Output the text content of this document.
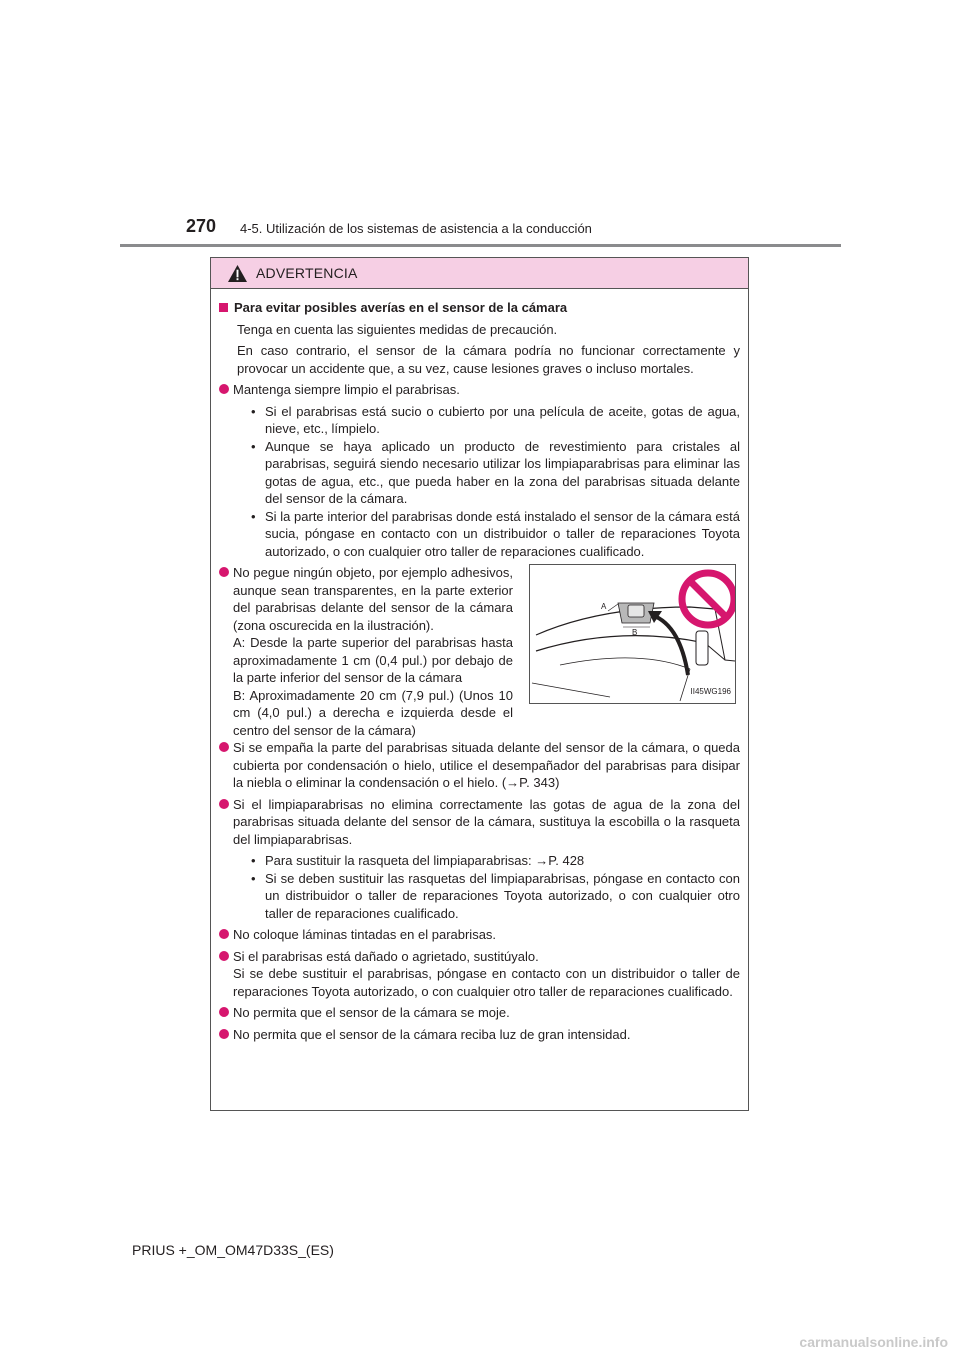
270 4-5. Utilización de los sistemas de asistencia a la conducción
ADVERTENCIA
Para evitar posibles averías en el sensor de la cámara

Tenga en cuenta las siguientes medidas de precaución.

En caso contrario, el sensor de la cámara podría no funcionar correctamente y provocar un accidente que, a su vez, cause lesiones graves o incluso mortales.

Mantenga siempre limpio el parabrisas.
• Si el parabrisas está sucio o cubierto por una película de aceite, gotas de agua, nieve, etc., límpielo.
• Aunque se haya aplicado un producto de revestimiento para cristales al parabrisas, seguirá siendo necesario utilizar los limpiaparabrisas para eliminar las gotas de agua, etc., que pueda haber en la zona del parabrisas situada delante del sensor de la cámara.
• Si la parte interior del parabrisas donde está instalado el sensor de la cámara está sucia, póngase en contacto con un distribuidor o taller de reparaciones Toyota autorizado, o con cualquier otro taller de reparaciones cualificado.
No pegue ningún objeto, por ejemplo adhesivos, aunque sean transparentes, en la parte exterior del parabrisas delante del sensor de la cámara (zona oscurecida en la ilustración).

A: Desde la parte superior del parabrisas hasta aproximadamente 1 cm (0,4 pul.) por debajo de la parte inferior del sensor de la cámara

B: Aproximadamente 20 cm (7,9 pul.) (Unos 10 cm (4,0 pul.) a derecha e izquierda desde el centro del sensor de la cámara)

A
B
II45WG196
Si se empaña la parte del parabrisas situada delante del sensor de la cámara, o queda cubierta por condensación o hielo, utilice el desempañador del parabrisas para disipar la niebla o eliminar la condensación o el hielo. (→P. 343)
Si el limpiaparabrisas no elimina correctamente las gotas de agua de la zona del parabrisas situada delante del sensor de la cámara, sustituya la escobilla o la rasqueta del limpiaparabrisas.
• Para sustituir la rasqueta del limpiaparabrisas: →P. 428
• Si se deben sustituir las rasquetas del limpiaparabrisas, póngase en contacto con un distribuidor o taller de reparaciones Toyota autorizado, o con cualquier otro taller de reparaciones cualificado.
No coloque láminas tintadas en el parabrisas.
Si el parabrisas está dañado o agrietado, sustitúyalo.

Si se debe sustituir el parabrisas, póngase en contacto con un distribuidor o taller de reparaciones Toyota autorizado, o con cualquier otro taller de reparaciones cualificado.

No permita que el sensor de la cámara se moje.
No permita que el sensor de la cámara reciba luz de gran intensidad.
PRIUS +_OM_OM47D33S_(ES)
carmanualsonline.info
